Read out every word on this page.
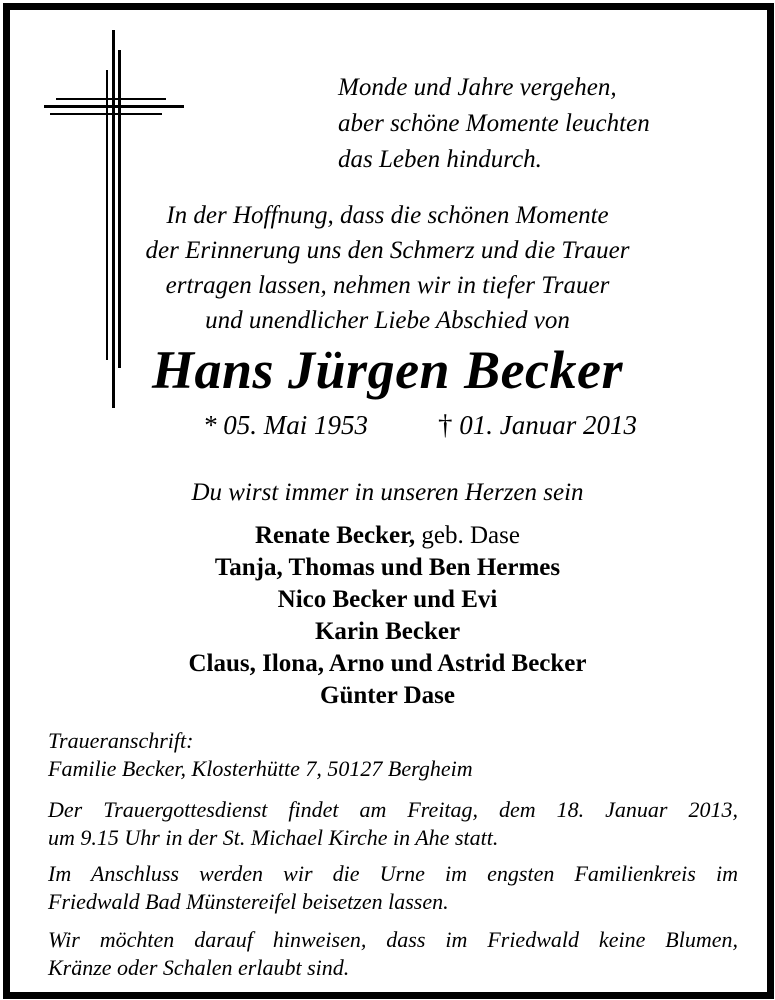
Monde und Jahre vergehen,
aber schöne Momente leuchten
das Leben hindurch.
In der Hoffnung, dass die schönen Momente
der Erinnerung uns den Schmerz und die Trauer
ertragen lassen, nehmen wir in tiefer Trauer
und unendlicher Liebe Abschied von
Hans Jürgen Becker
* 05. Mai 1953 † 01. Januar 2013
Du wirst immer in unseren Herzen sein
Renate Becker, geb. Dase
Tanja, Thomas und Ben Hermes
Nico Becker und Evi
Karin Becker
Claus, Ilona, Arno und Astrid Becker
Günter Dase
Traueranschrift:
Familie Becker, Klosterhütte 7, 50127 Bergheim
Der Trauergottesdienst findet am Freitag, dem 18. Januar 2013,
um 9.15 Uhr in der St. Michael Kirche in Ahe statt.
Im Anschluss werden wir die Urne im engsten Familienkreis im
Friedwald Bad Münstereifel beisetzen lassen.
Wir möchten darauf hinweisen, dass im Friedwald keine Blumen,
Kränze oder Schalen erlaubt sind.
